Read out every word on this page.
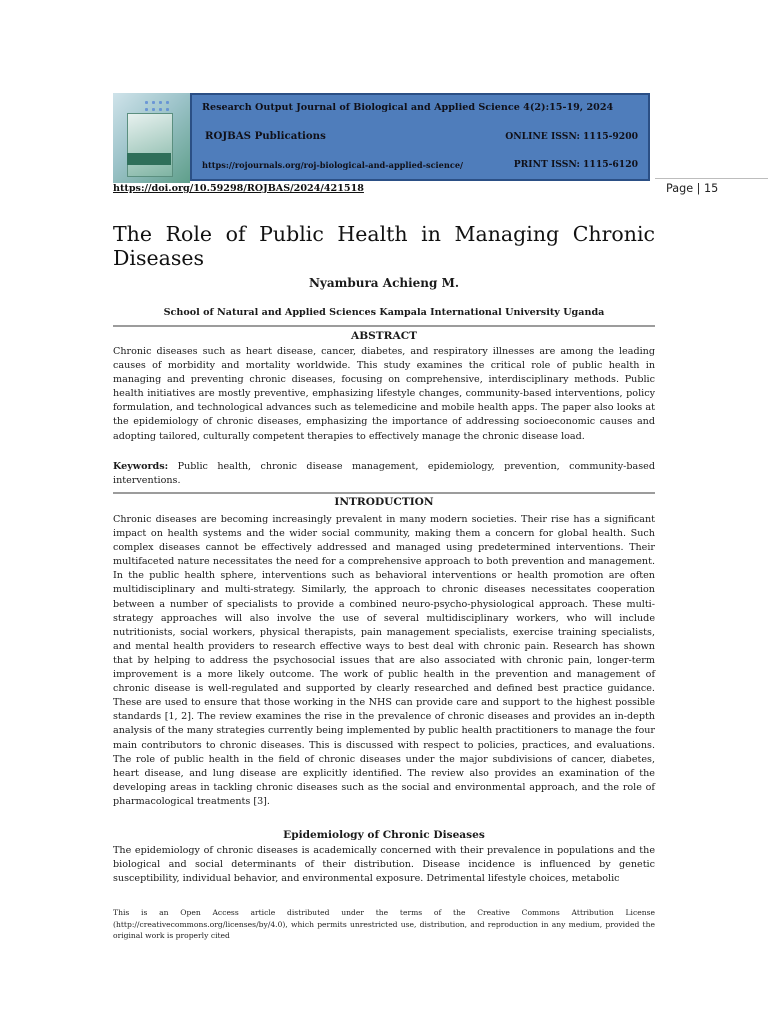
Research Output Journal of Biological and Applied Science 4(2):15-19, 2024
ROJBAS Publications	ONLINE ISSN: 1115-9200
https://rojournals.org/roj-biological-and-applied-science/	PRINT ISSN: 1115-6120
https://doi.org/10.59298/ROJBAS/2024/421518	Page | 15
The Role of Public Health in Managing Chronic Diseases
Nyambura Achieng M.
School of Natural and Applied Sciences Kampala International University Uganda
ABSTRACT
Chronic diseases such as heart disease, cancer, diabetes, and respiratory illnesses are among the leading causes of morbidity and mortality worldwide. This study examines the critical role of public health in managing and preventing chronic diseases, focusing on comprehensive, interdisciplinary methods. Public health initiatives are mostly preventive, emphasizing lifestyle changes, community-based interventions, policy formulation, and technological advances such as telemedicine and mobile health apps. The paper also looks at the epidemiology of chronic diseases, emphasizing the importance of addressing socioeconomic causes and adopting tailored, culturally competent therapies to effectively manage the chronic disease load.
Keywords: Public health, chronic disease management, epidemiology, prevention, community-based interventions.
INTRODUCTION
Chronic diseases are becoming increasingly prevalent in many modern societies. Their rise has a significant impact on health systems and the wider social community, making them a concern for global health. Such complex diseases cannot be effectively addressed and managed using predetermined interventions. Their multifaceted nature necessitates the need for a comprehensive approach to both prevention and management. In the public health sphere, interventions such as behavioral interventions or health promotion are often multidisciplinary and multi-strategy. Similarly, the approach to chronic diseases necessitates cooperation between a number of specialists to provide a combined neuro-psycho-physiological approach. These multi-strategy approaches will also involve the use of several multidisciplinary workers, who will include nutritionists, social workers, physical therapists, pain management specialists, exercise training specialists, and mental health providers to research effective ways to best deal with chronic pain. Research has shown that by helping to address the psychosocial issues that are also associated with chronic pain, longer-term improvement is a more likely outcome. The work of public health in the prevention and management of chronic disease is well-regulated and supported by clearly researched and defined best practice guidance. These are used to ensure that those working in the NHS can provide care and support to the highest possible standards [1, 2]. The review examines the rise in the prevalence of chronic diseases and provides an in-depth analysis of the many strategies currently being implemented by public health practitioners to manage the four main contributors to chronic diseases. This is discussed with respect to policies, practices, and evaluations. The role of public health in the field of chronic diseases under the major subdivisions of cancer, diabetes, heart disease, and lung disease are explicitly identified. The review also provides an examination of the developing areas in tackling chronic diseases such as the social and environmental approach, and the role of pharmacological treatments [3].
Epidemiology of Chronic Diseases
The epidemiology of chronic diseases is academically concerned with their prevalence in populations and the biological and social determinants of their distribution. Disease incidence is influenced by genetic susceptibility, individual behavior, and environmental exposure. Detrimental lifestyle choices, metabolic
This is an Open Access article distributed under the terms of the Creative Commons Attribution License (http://creativecommons.org/licenses/by/4.0), which permits unrestricted use, distribution, and reproduction in any medium, provided the original work is properly cited
